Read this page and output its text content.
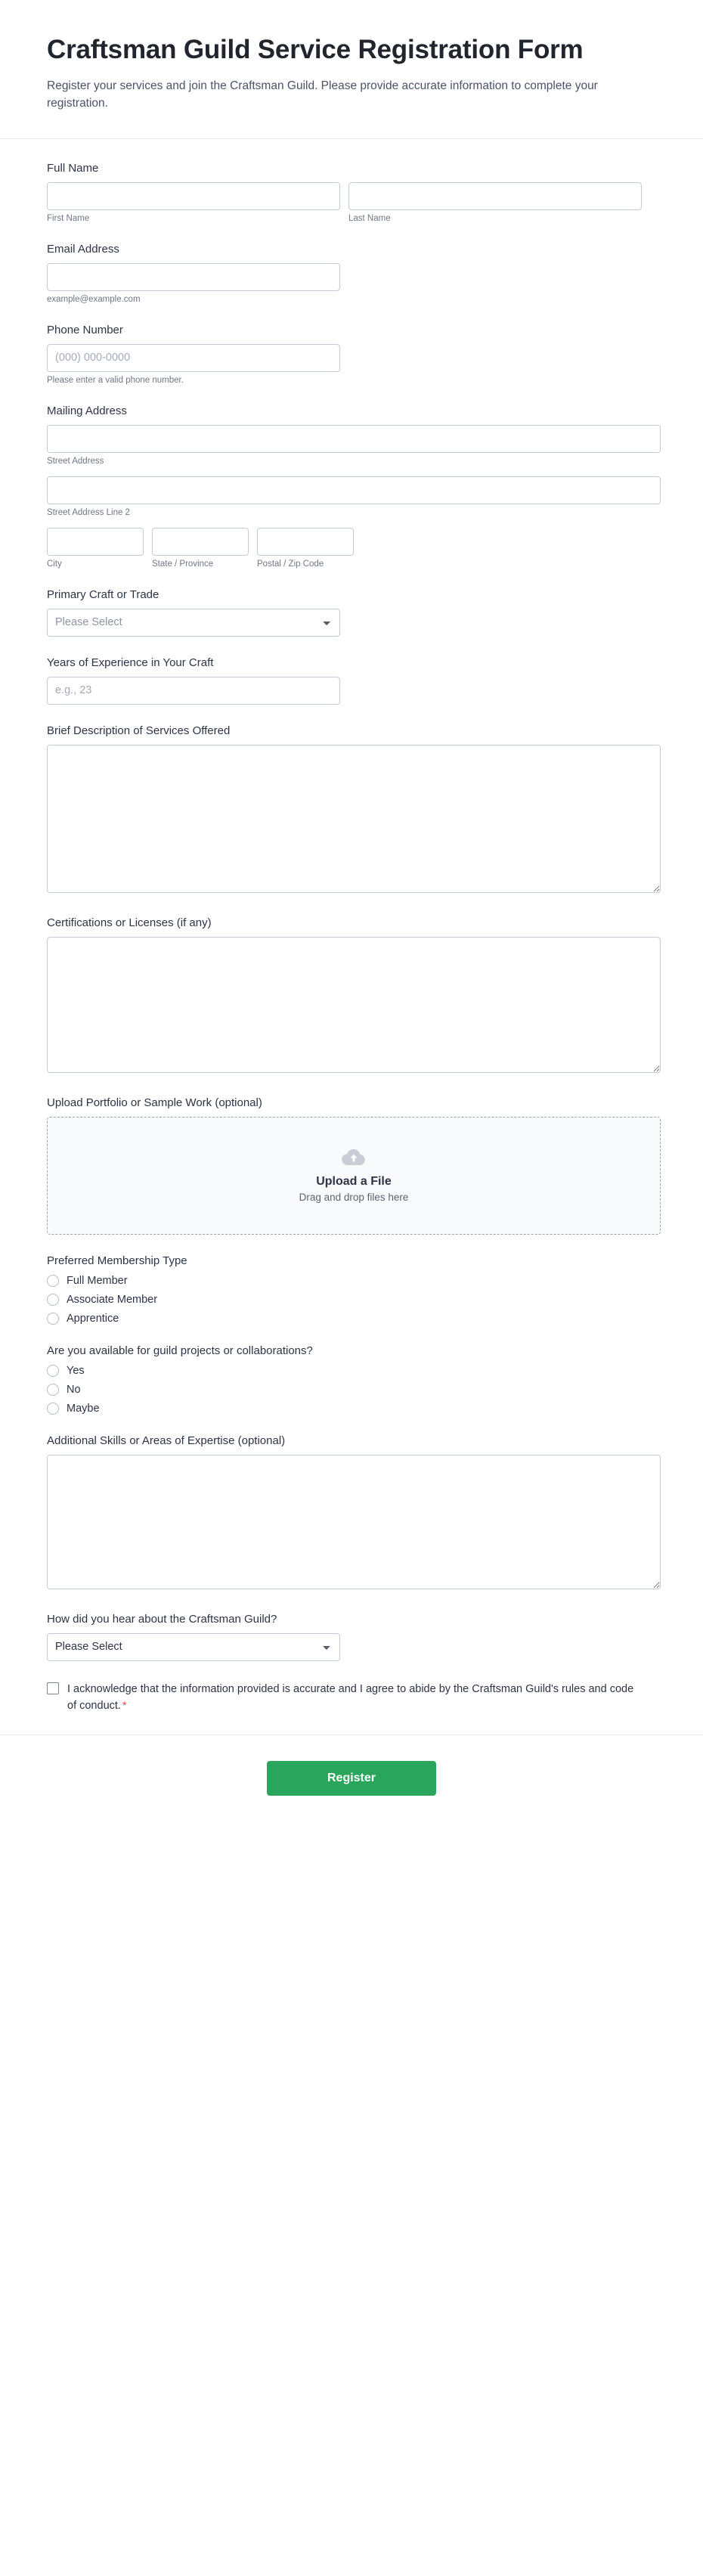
Craftsman Guild Service Registration Form

Register your services and join the Craftsman Guild. Please provide accurate information to complete your registration.

Full Name
First Name	Last Name
Email Address
example@example.com
Phone Number
(000) 000-0000
Please enter a valid phone number.
Mailing Address
Street Address
Street Address Line 2
City	State / Province	Postal / Zip Code
Primary Craft or Trade
Please Select
Years of Experience in Your Craft
e.g., 23
Brief Description of Services Offered
Certifications or Licenses (if any)
Upload Portfolio or Sample Work (optional)
Upload a File
Drag and drop files here
Preferred Membership Type
Full Member
Associate Member
Apprentice
Are you available for guild projects or collaborations?
Yes
No
Maybe
Additional Skills or Areas of Expertise (optional)
How did you hear about the Craftsman Guild?
Please Select
I acknowledge that the information provided is accurate and I agree to abide by the Craftsman Guild's rules and code of conduct. *
Register
